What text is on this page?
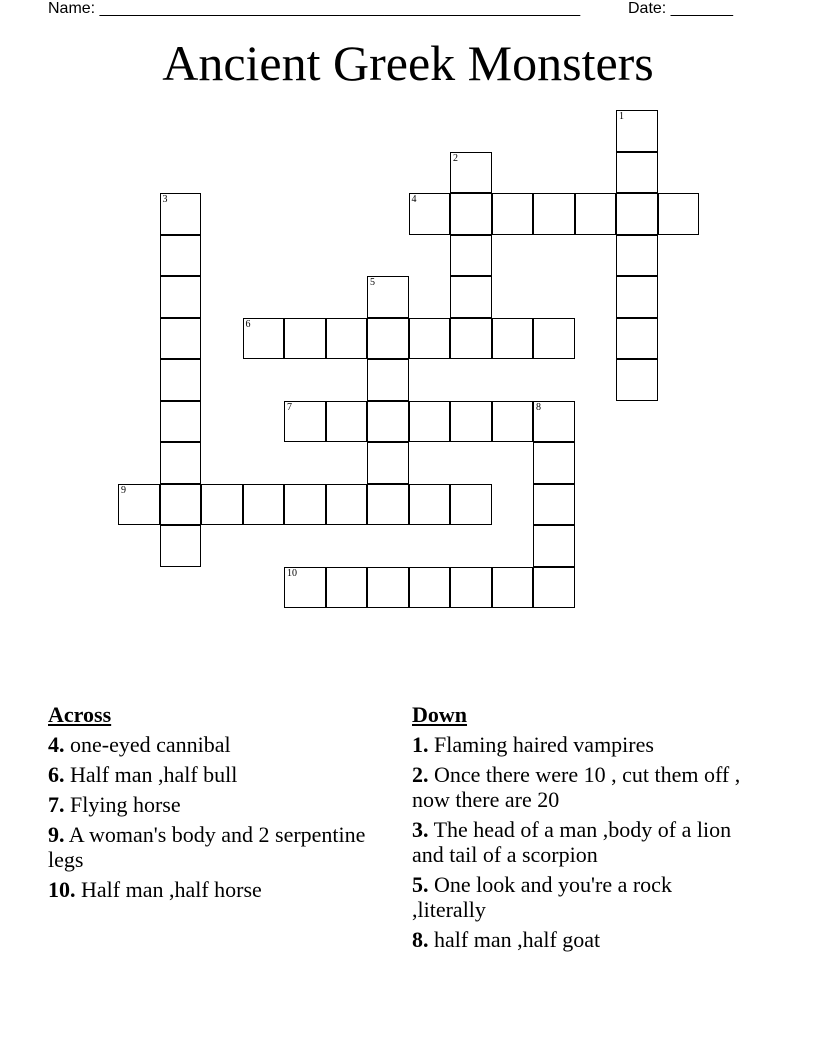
Name: ______________________________________________________

	Date: _______

Ancient Greek Monsters
1
2
3	4
5
6
7	8
9
10
Across
4. one-eyed cannibal
6. Half man ,half bull
7. Flying horse
9. A woman's body and 2 serpentine legs
10. Half man ,half horse
Down
1. Flaming haired vampires
2. Once there were 10 , cut them off , now there are 20
3. The head of a man ,body of a lion and tail of a scorpion
5. One look and you're a rock ,literally
8. half man ,half goat
